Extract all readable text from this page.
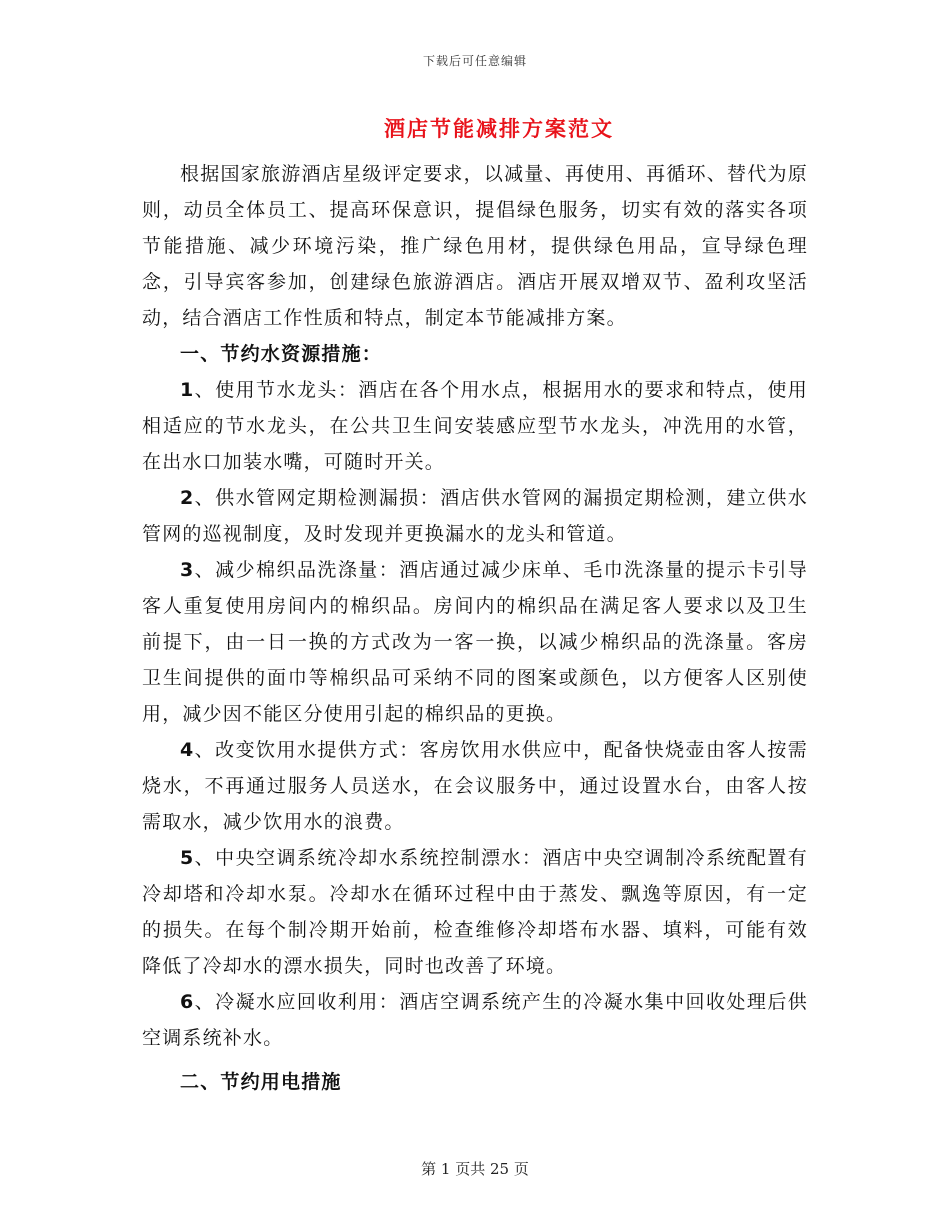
下载后可任意编辑
酒店节能减排方案范文

根据国家旅游酒店星级评定要求，以减量、再使用、再循环、替代为原则，动员全体员工、提高环保意识，提倡绿色服务，切实有效的落实各项节能措施、减少环境污染，推广绿色用材，提供绿色用品，宣导绿色理念，引导宾客参加，创建绿色旅游酒店。酒店开展双增双节、盈利攻坚活动，结合酒店工作性质和特点，制定本节能减排方案。

一、节约水资源措施：

1、使用节水龙头：酒店在各个用水点，根据用水的要求和特点，使用相适应的节水龙头，在公共卫生间安装感应型节水龙头，冲洗用的水管，在出水口加装水嘴，可随时开关。

2、供水管网定期检测漏损：酒店供水管网的漏损定期检测，建立供水管网的巡视制度，及时发现并更换漏水的龙头和管道。

3、减少棉织品洗涤量：酒店通过减少床单、毛巾洗涤量的提示卡引导客人重复使用房间内的棉织品。房间内的棉织品在满足客人要求以及卫生前提下，由一日一换的方式改为一客一换，以减少棉织品的洗涤量。客房卫生间提供的面巾等棉织品可采纳不同的图案或颜色，以方便客人区别使用，减少因不能区分使用引起的棉织品的更换。

4、改变饮用水提供方式：客房饮用水供应中，配备快烧壶由客人按需烧水，不再通过服务人员送水，在会议服务中，通过设置水台，由客人按需取水，减少饮用水的浪费。

5、中央空调系统冷却水系统控制漂水：酒店中央空调制冷系统配置有冷却塔和冷却水泵。冷却水在循环过程中由于蒸发、飘逸等原因，有一定的损失。在每个制冷期开始前，检查维修冷却塔布水器、填料，可能有效降低了冷却水的漂水损失，同时也改善了环境。

6、冷凝水应回收利用：酒店空调系统产生的冷凝水集中回收处理后供空调系统补水。

二、节约用电措施
第 1 页共 25 页
